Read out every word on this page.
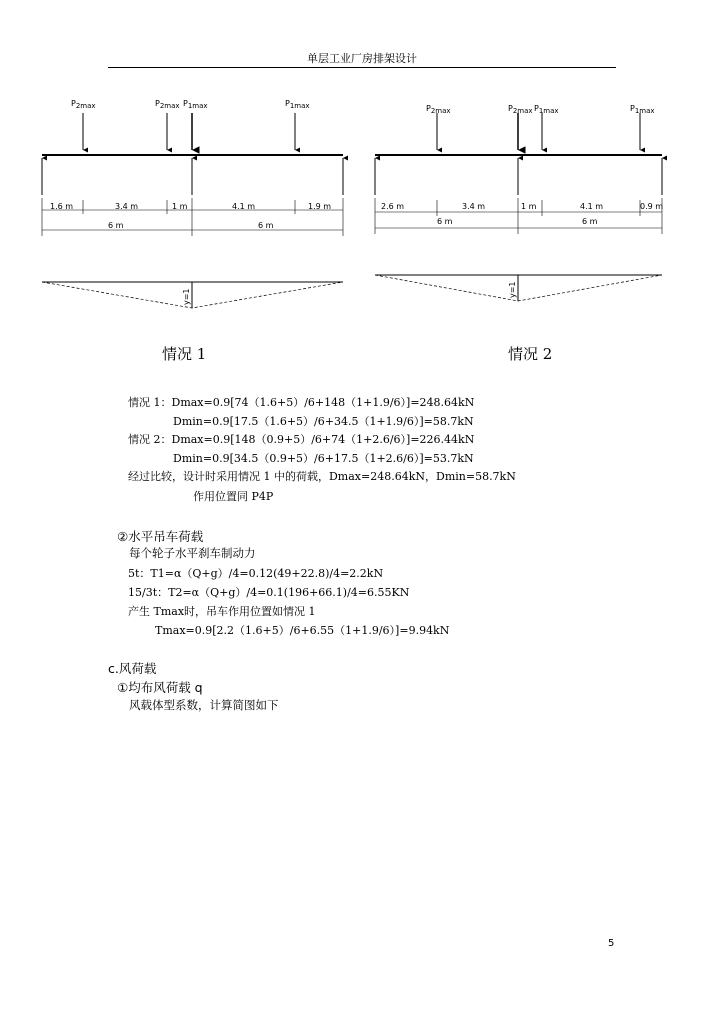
单层工业厂房排架设计
P2max	P2max P1max	P1max
1.6 m	3.4 m	1 m	4.1 m	1.9 m
6 m	6 m
y=1
P2max	P2max P1max	P1max
2.6 m	3.4 m	1 m	4.1 m	0.9 m
6 m	6 m
y=1
情况 1	情况 2
情况 1：Dmax=0.9[74（1.6+5）/6+148（1+1.9/6）]=248.64kN
Dmin=0.9[17.5（1.6+5）/6+34.5（1+1.9/6）]=58.7kN
情况 2：Dmax=0.9[148（0.9+5）/6+74（1+2.6/6）]=226.44kN
Dmin=0.9[34.5（0.9+5）/6+17.5（1+2.6/6）]=53.7kN
经过比较，设计时采用情况 1 中的荷载，Dmax=248.64kN，Dmin=58.7kN
作用位置同 P4P
②水平吊车荷载
每个轮子水平刹车制动力
5t：T1=α（Q+g）/4=0.12(49+22.8)/4=2.2kN
15/3t：T2=α（Q+g）/4=0.1(196+66.1)/4=6.55KN
产生 Tmax时，吊车作用位置如情况 1
Tmax=0.9[2.2（1.6+5）/6+6.55（1+1.9/6）]=9.94kN
c.风荷载
①均布风荷载 q
风载体型系数，计算简图如下
5
